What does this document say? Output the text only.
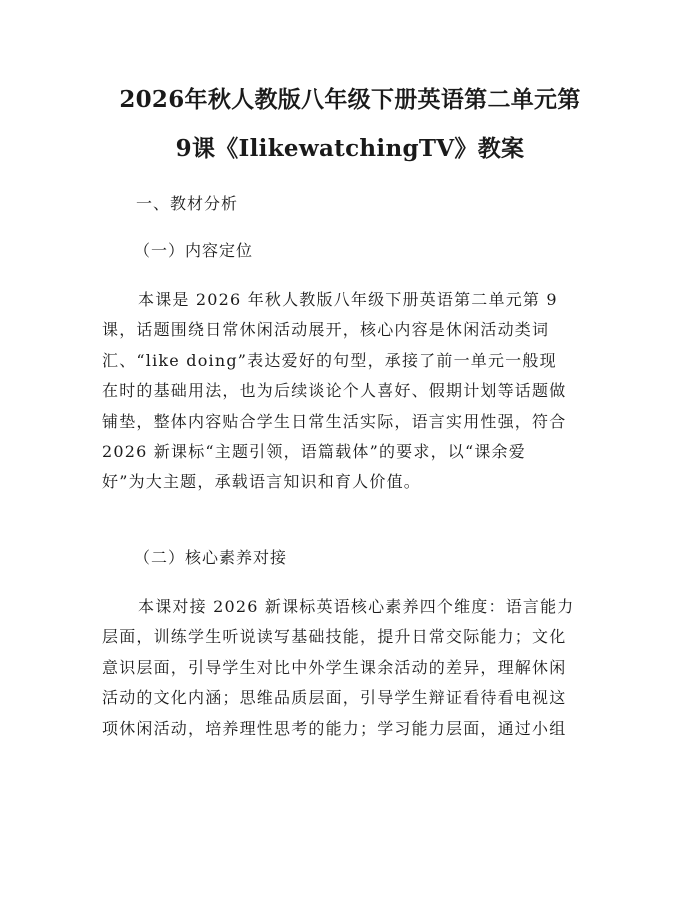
2026年秋人教版八年级下册英语第二单元第
9课《IlikewatchingTV》教案
一、教材分析
（一）内容定位
本课是 2026 年秋人教版八年级下册英语第二单元第 9
课，话题围绕日常休闲活动展开，核心内容是休闲活动类词
汇、“like doing”表达爱好的句型，承接了前一单元一般现
在时的基础用法，也为后续谈论个人喜好、假期计划等话题做
铺垫，整体内容贴合学生日常生活实际，语言实用性强，符合
2026 新课标“主题引领，语篇载体”的要求，以“课余爱
好”为大主题，承载语言知识和育人价值。
（二）核心素养对接
本课对接 2026 新课标英语核心素养四个维度：语言能力
层面，训练学生听说读写基础技能，提升日常交际能力；文化
意识层面，引导学生对比中外学生课余活动的差异，理解休闲
活动的文化内涵；思维品质层面，引导学生辩证看待看电视这
项休闲活动，培养理性思考的能力；学习能力层面，通过小组
